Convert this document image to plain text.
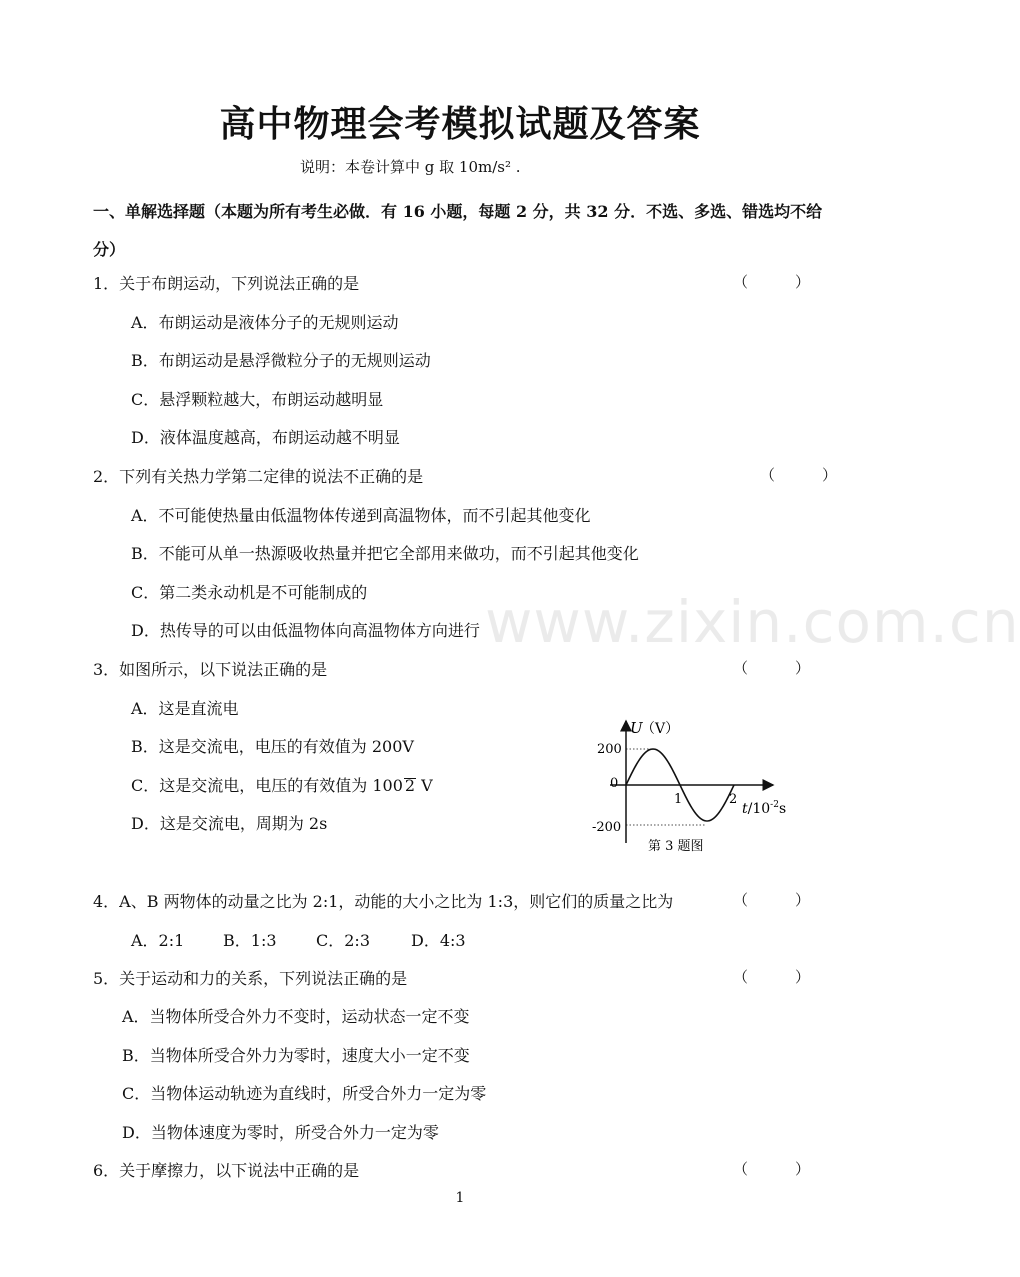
高中物理会考模拟试题及答案
说明：本卷计算中 g 取 10m/s² .
一、单解选择题（本题为所有考生必做．有 16 小题，每题 2 分，共 32 分．不选、多选、错选均不给分）
www.zixin.com.cn
1．关于布朗运动，下列说法正确的是	（	）
A．布朗运动是液体分子的无规则运动
B．布朗运动是悬浮微粒分子的无规则运动
C．悬浮颗粒越大，布朗运动越明显
D．液体温度越高，布朗运动越不明显
2．下列有关热力学第二定律的说法不正确的是	（	）
A．不可能使热量由低温物体传递到高温物体，而不引起其他变化
B．不能可从单一热源吸收热量并把它全部用来做功，而不引起其他变化
C．第二类永动机是不可能制成的
D．热传导的可以由低温物体向高温物体方向进行
3．如图所示，以下说法正确的是	（	）
A．这是直流电
B．这是交流电，电压的有效值为 200V
C．这是交流电，电压的有效值为 100 2 V
D．这是交流电，周期为 2s
U
（V）
200
0
-200
1	2
$t/10^{-2}s$
第 3 题图
4．A、B 两物体的动量之比为 2:1，动能的大小之比为 1:3，则它们的质量之比为	（	）
A．2:1 B．1:3 C．2:3	D．4:3
5．关于运动和力的关系，下列说法正确的是	（	）
A．当物体所受合外力不变时，运动状态一定不变
B．当物体所受合外力为零时，速度大小一定不变
C．当物体运动轨迹为直线时，所受合外力一定为零
D．当物体速度为零时，所受合外力一定为零
6．关于摩擦力，以下说法中正确的是	（	）
1
